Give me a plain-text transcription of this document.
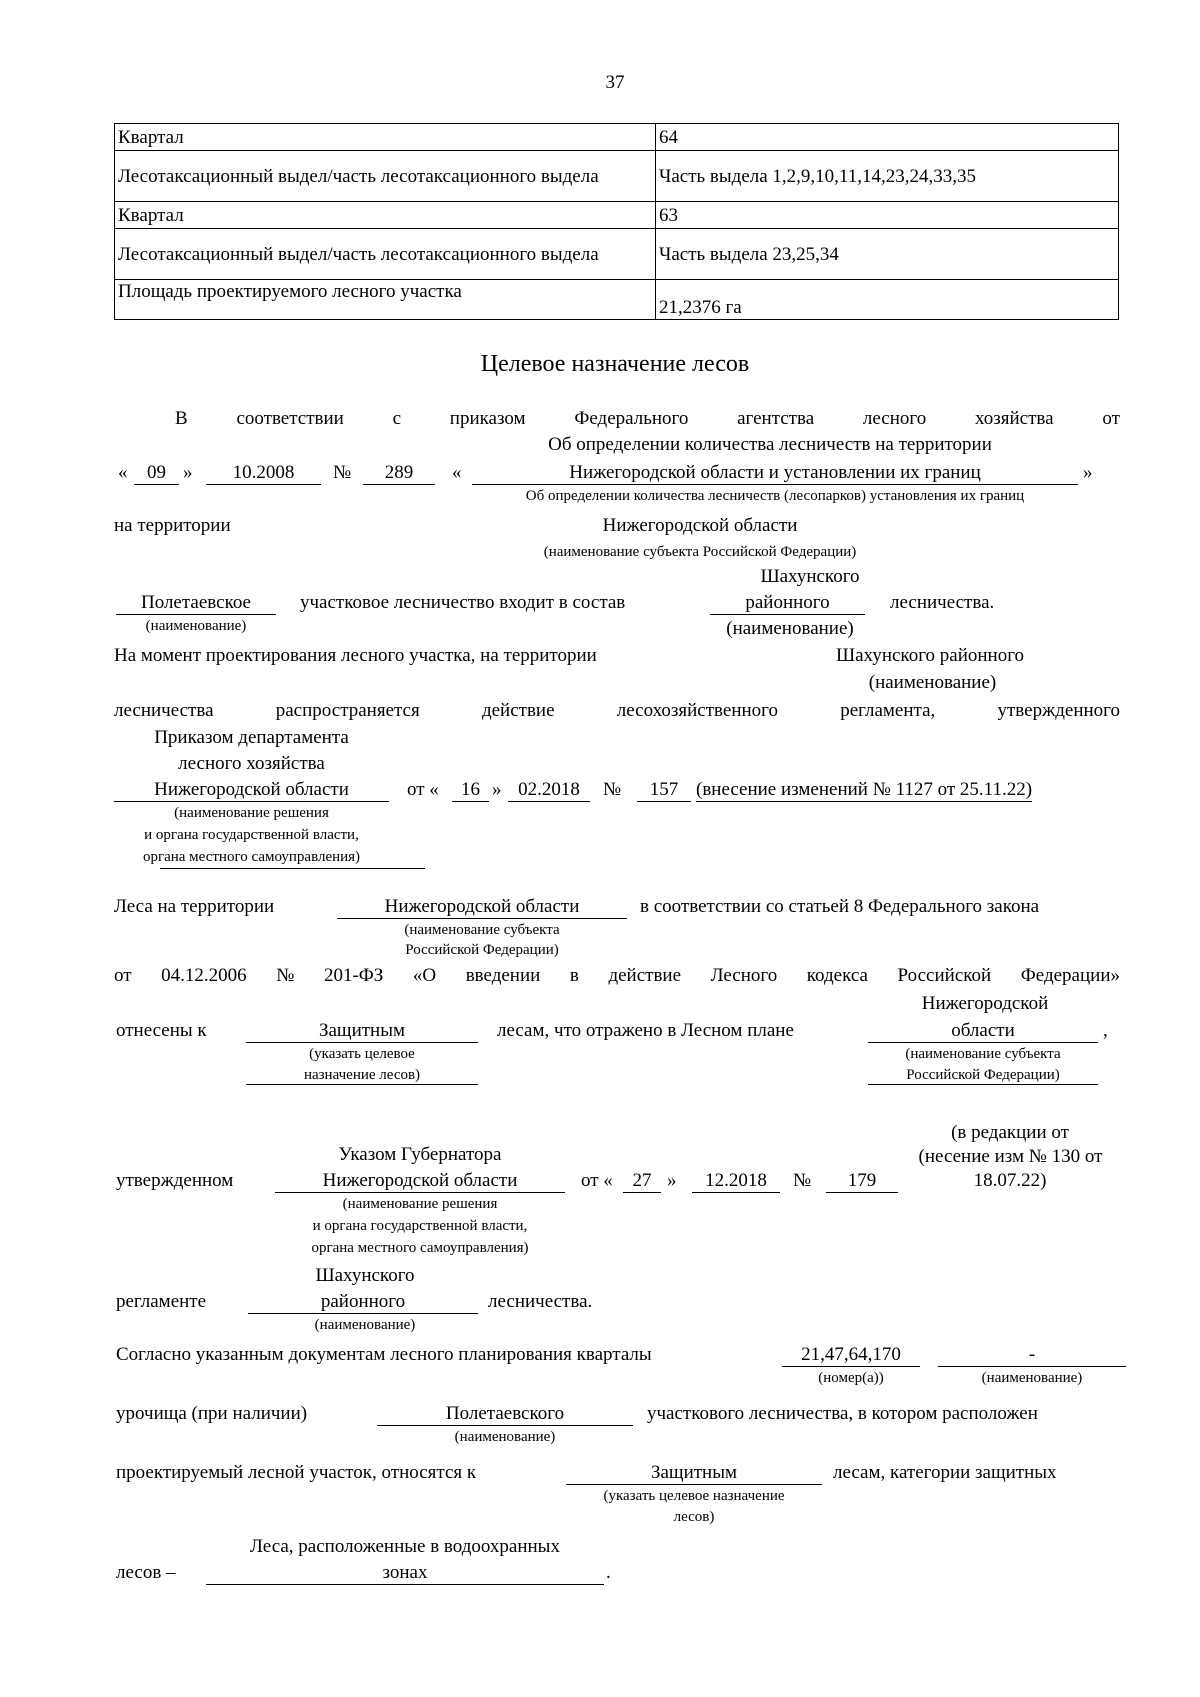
37
Квартал	64
Лесотаксационный выдел/часть лесотаксационного выдела	Часть выдела 1,2,9,10,11,14,23,24,33,35
Квартал	63
Лесотаксационный выдел/часть лесотаксационного выдела	Часть выдела 23,25,34
Площадь проектируемого лесного участка	21,2376 га
Целевое назначение лесов
В	соответствии	с	приказом	Федерального	агентства	лесного	хозяйства	от
Об определении количества лесничеств на территории
«	09 »	10.2008	№	289	«	Нижегородской области и установлении их границ	»
Об определении количества лесничеств (лесопарков) установления их границ
на территории	Нижегородской области
(наименование субъекта Российской Федерации)
Шахунского
Полетаевское	участковое лесничество входит в состав	районного	лесничества.
(наименование)	(наименование)
На момент проектирования лесного участка, на территории	Шахунского районного
(наименование)
лесничества	распространяется	действие	лесохозяйственного	регламента,	утвержденного
Приказом департамента
лесного хозяйства
Нижегородской области	от «	16 » 02.2018	№	157 (внесение изменений № 1127 от 25.11.22)
(наименование решения
и органа государственной власти,
органа местного самоуправления)
Леса на территории	Нижегородской области	в соответствии со статьей 8 Федерального закона
(наименование субъекта
Российской Федерации)
от 04.12.2006 № 201-ФЗ «О введении в действие Лесного кодекса Российской Федерации»
Нижегородской
отнесены к	Защитным	лесам, что отражено в Лесном плане	области	,
(указать целевое
назначение лесов)
(наименование субъекта
Российской Федерации)
(в редакции от
(несение изм № 130 от
18.07.22)
Указом Губернатора
утвержденном	Нижегородской области	от «	27 »	12.2018	№	179
(наименование решения
и органа государственной власти,
органа местного самоуправления)
Шахунского
регламенте	районного	лесничества.
(наименование)
Согласно указанным документам лесного планирования кварталы	21,47,64,170	-
(номер(а))	(наименование)
урочища (при наличии)	Полетаевского	участкового лесничества, в котором расположен
(наименование)
проектируемый лесной участок, относятся к	Защитным	лесам, категории защитных
(указать целевое назначение
лесов)
Леса, расположенные в водоохранных
лесов –	зонах	.
